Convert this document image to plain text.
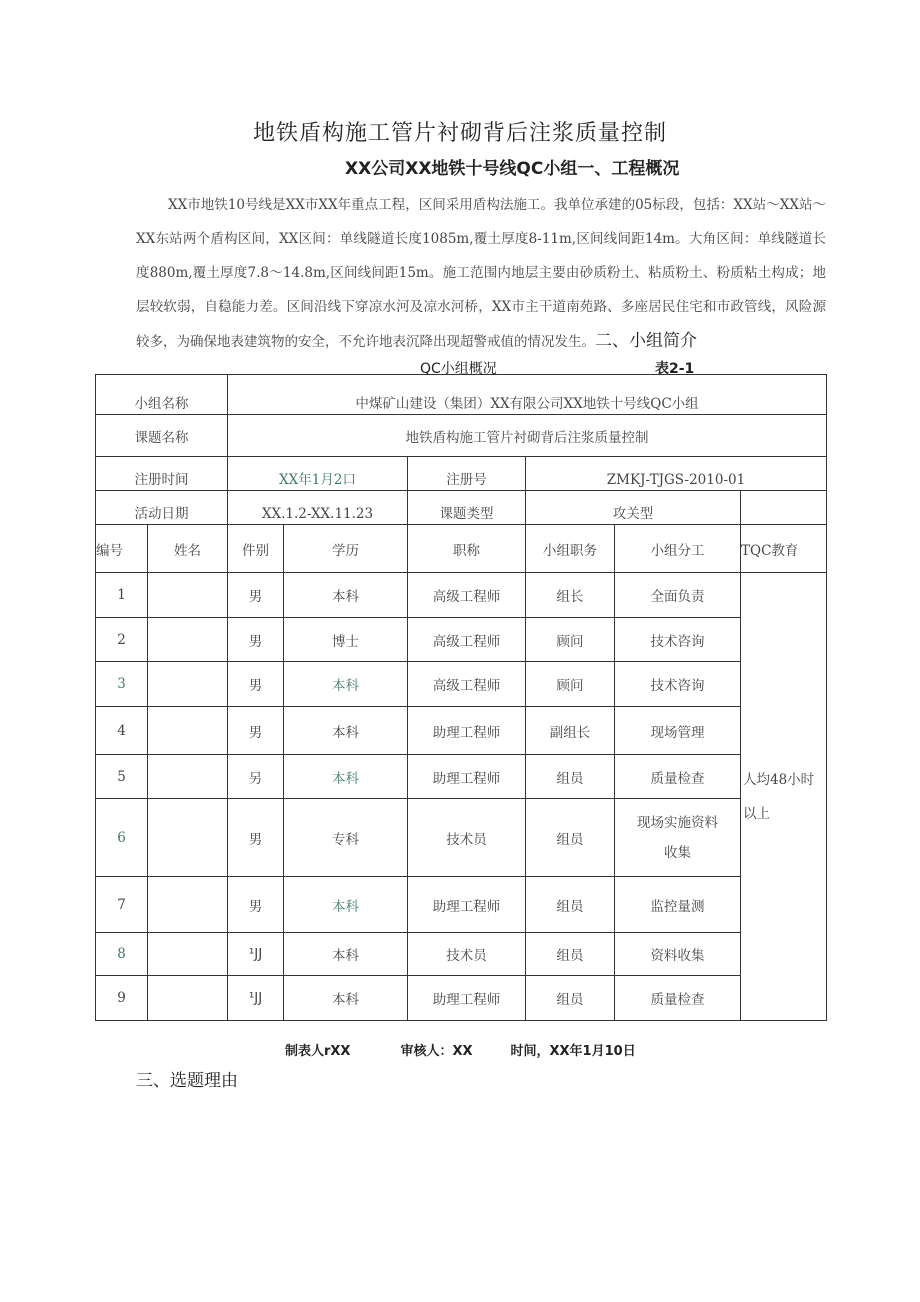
地铁盾构施工管片衬砌背后注浆质量控制
XX公司XX地铁十号线QC小组一、工程概况
XX市地铁10号线是XX市XX年重点工程，区间采用盾构法施工。我单位承建的05标段，包括：XX站～XX站～XX东站两个盾构区间，XX区间：单线隧道长度1085m,覆土厚度8-11m,区间线间距14m。大角区间：单线隧道长度880m,覆土厚度7.8～14.8m,区间线间距15m。施工范围内地层主要由砂质粉土、粘质粉土、粉质粘土构成；地层较软弱，自稳能力差。区间沿线下穿凉水河及凉水河桥，XX市主干道南苑路、多座居民住宅和市政管线，风险源较多，为确保地表建筑物的安全，不允许地表沉降出现超警戒值的情况发生。二、小组简介
QC小组概况	表2-1
小组名称		中煤矿山建设（集团）XX有限公司XX地铁十号线QC小组					
课题名称		地铁盾构施工管片衬砌背后注浆质量控制					
注册时间		XX年1月2口		注册号	ZMKJ-TJGS-2010-01		
活动日期		XX.1.2-XX.11.23		课题类型	攻关型		
编号	姓名	件别	学历	职称	小组职务	小组分工	TQC教育
1		男	本科	高级工程师	组长	全面负责	人均48小时以上

2		男	博士	高级工程师	顾问	技术咨询	
3		男	本科	高级工程师	顾问	技术咨询	
4		男	本科	助理工程师	副组长	现场管理	
5		另	本科	助理工程师	组员	质量检查	
6		男	专科	技术员	组员	现场实施资料收集	

7		男	本科	助理工程师	组员	监控量测	
8		¹JJ	本科	技术员	组员	资料收集	
9		¹JJ	本科	助理工程师	组员	质量检查	
制表人rXX	审核人：XX	时间，XX年1月10日
三、选题理由
